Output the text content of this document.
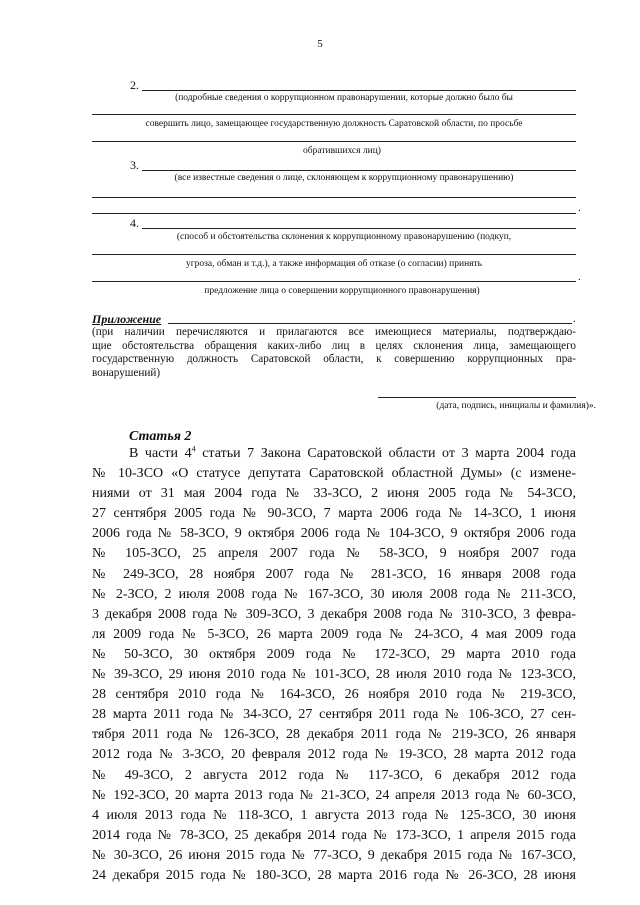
5
2.
(подробные сведения о коррупционном правонарушении, которые должно было бы
совершить лицо, замещающее государственную должность Саратовской области, по просьбе
обратившихся лиц)
3.
(все известные сведения о лице, склоняющем к коррупционному правонарушению)
.
4.
(способ и обстоятельства склонения к коррупционному правонарушению (подкуп,
угроза, обман и т.д.), а также информация об отказе (о согласии) принять
.
предложение лица о совершении коррупционного правонарушения)
Приложение	.
(при наличии перечисляются и прилагаются все имеющиеся материалы, подтверждаю-
щие обстоятельства обращения каких-либо лиц в целях склонения лица, замещающего
государственную должность Саратовской области, к совершению коррупционных пра-
вонарушений)
(дата, подпись, инициалы и фамилия)».
Статья 2
В части $4^4$ статьи 7 Закона Саратовской области от 3 марта 2004 года
№ 10-ЗСО «О статусе депутата Саратовской областной Думы» (с измене-
ниями от 31 мая 2004 года № 33-ЗСО, 2 июня 2005 года № 54-ЗСО,
27 сентября 2005 года № 90-ЗСО, 7 марта 2006 года № 14-ЗСО, 1 июня
2006 года № 58-ЗСО, 9 октября 2006 года № 104-ЗСО, 9 октября 2006 года
№ 105-ЗСО, 25 апреля 2007 года № 58-ЗСО, 9 ноября 2007 года
№ 249-ЗСО, 28 ноября 2007 года № 281-ЗСО, 16 января 2008 года
№ 2-ЗСО, 2 июля 2008 года № 167-ЗСО, 30 июля 2008 года № 211-ЗСО,
3 декабря 2008 года № 309-ЗСО, 3 декабря 2008 года № 310-ЗСО, 3 февра-
ля 2009 года № 5-ЗСО, 26 марта 2009 года № 24-ЗСО, 4 мая 2009 года
№ 50-ЗСО, 30 октября 2009 года № 172-ЗСО, 29 марта 2010 года
№ 39-ЗСО, 29 июня 2010 года № 101-ЗСО, 28 июля 2010 года № 123-ЗСО,
28 сентября 2010 года № 164-ЗСО, 26 ноября 2010 года № 219-ЗСО,
28 марта 2011 года № 34-ЗСО, 27 сентября 2011 года № 106-ЗСО, 27 сен-
тября 2011 года № 126-ЗСО, 28 декабря 2011 года № 219-ЗСО, 26 января
2012 года № 3-ЗСО, 20 февраля 2012 года № 19-ЗСО, 28 марта 2012 года
№ 49-ЗСО, 2 августа 2012 года № 117-ЗСО, 6 декабря 2012 года
№ 192-ЗСО, 20 марта 2013 года № 21-ЗСО, 24 апреля 2013 года № 60-ЗСО,
4 июля 2013 года № 118-ЗСО, 1 августа 2013 года № 125-ЗСО, 30 июня
2014 года № 78-ЗСО, 25 декабря 2014 года № 173-ЗСО, 1 апреля 2015 года
№ 30-ЗСО, 26 июня 2015 года № 77-ЗСО, 9 декабря 2015 года № 167-ЗСО,
24 декабря 2015 года № 180-ЗСО, 28 марта 2016 года № 26-ЗСО, 28 июня
